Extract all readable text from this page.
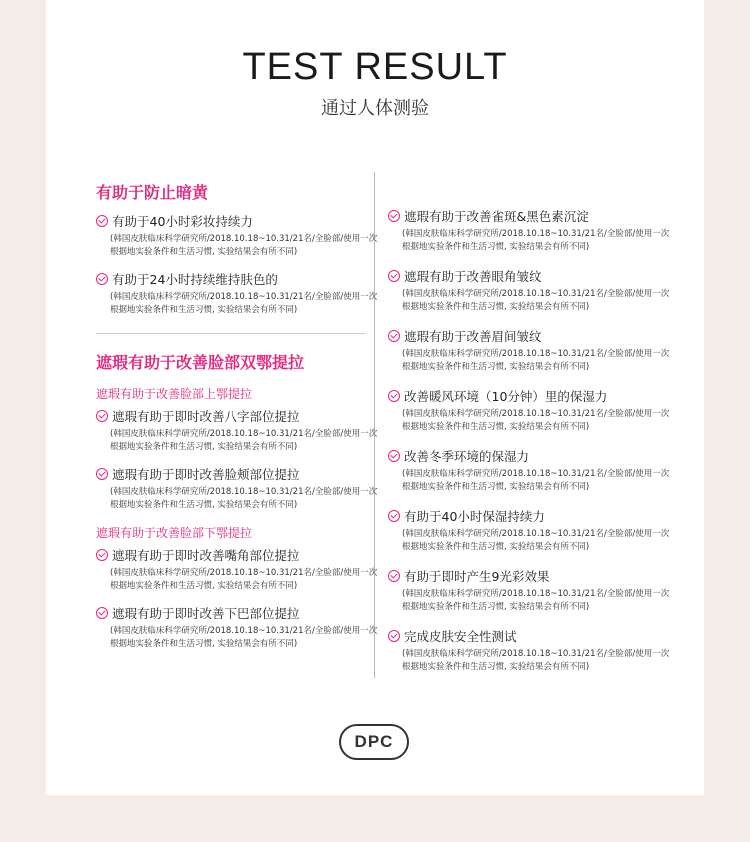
TEST RESULT

通过人体测验

有助于防止暗黄
有助于40小时彩妆持续力
(韩国皮肤临床科学研究所/2018.10.18~10.31/21名/全脸部/使用一次根据地实验条件和生活习惯, 实验结果会有所不同)
有助于24小时持续维持肤色的
(韩国皮肤临床科学研究所/2018.10.18~10.31/21名/全脸部/使用一次根据地实验条件和生活习惯, 实验结果会有所不同)
遮瑕有助于改善脸部双鄂提拉
遮瑕有助于改善脸部上鄂提拉
遮瑕有助于即时改善八字部位提拉
(韩国皮肤临床科学研究所/2018.10.18~10.31/21名/全脸部/使用一次根据地实验条件和生活习惯, 实验结果会有所不同)
遮瑕有助于即时改善脸颊部位提拉
(韩国皮肤临床科学研究所/2018.10.18~10.31/21名/全脸部/使用一次根据地实验条件和生活习惯, 实验结果会有所不同)
遮瑕有助于改善脸部下鄂提拉
遮瑕有助于即时改善嘴角部位提拉
(韩国皮肤临床科学研究所/2018.10.18~10.31/21名/全脸部/使用一次根据地实验条件和生活习惯, 实验结果会有所不同)
遮瑕有助于即时改善下巴部位提拉
(韩国皮肤临床科学研究所/2018.10.18~10.31/21名/全脸部/使用一次根据地实验条件和生活习惯, 实验结果会有所不同)
遮瑕有助于改善雀斑&黑色素沉淀
(韩国皮肤临床科学研究所/2018.10.18~10.31/21名/全脸部/使用一次根据地实验条件和生活习惯, 实验结果会有所不同)
遮瑕有助于改善眼角皱纹
(韩国皮肤临床科学研究所/2018.10.18~10.31/21名/全脸部/使用一次根据地实验条件和生活习惯, 实验结果会有所不同)
遮瑕有助于改善眉间皱纹
(韩国皮肤临床科学研究所/2018.10.18~10.31/21名/全脸部/使用一次根据地实验条件和生活习惯, 实验结果会有所不同)
改善暖风环境（10分钟）里的保湿力
(韩国皮肤临床科学研究所/2018.10.18~10.31/21名/全脸部/使用一次根据地实验条件和生活习惯, 实验结果会有所不同)
改善冬季环境的保湿力
(韩国皮肤临床科学研究所/2018.10.18~10.31/21名/全脸部/使用一次根据地实验条件和生活习惯, 实验结果会有所不同)
有助于40小时保湿持续力
(韩国皮肤临床科学研究所/2018.10.18~10.31/21名/全脸部/使用一次根据地实验条件和生活习惯, 实验结果会有所不同)
有助于即时产生9光彩效果
(韩国皮肤临床科学研究所/2018.10.18~10.31/21名/全脸部/使用一次根据地实验条件和生活习惯, 实验结果会有所不同)
完成皮肤安全性测试
(韩国皮肤临床科学研究所/2018.10.18~10.31/21名/全脸部/使用一次根据地实验条件和生活习惯, 实验结果会有所不同)
DPC
